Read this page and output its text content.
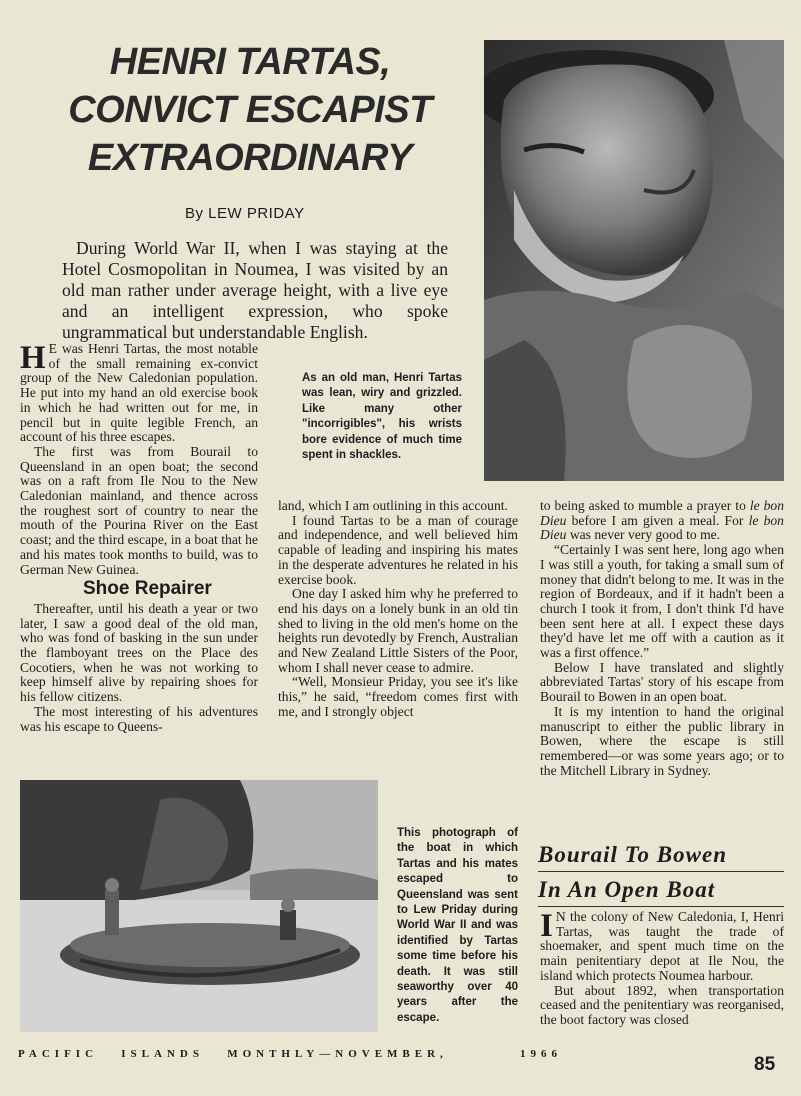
HENRI TARTAS,
CONVICT ESCAPIST
EXTRAORDINARY
By LEW PRIDAY
During World War II, when I was staying at the Hotel Cosmopolitan in Noumea, I was visited by an old man rather under average height, with a live eye and an intelligent expression, who spoke ungrammatical but understandable English.
As an old man, Henri Tartas was lean, wiry and grizzled. Like many other "incorrigibles", his wrists bore evidence of much time spent in shackles.

H E was Henri Tartas, the most notable of the small remaining ex-convict group of the New Caledonian population. He put into my hand an old exercise book in which he had written out for me, in pencil but in quite legible French, an account of his three escapes.

The first was from Bourail to Queensland in an open boat; the second was on a raft from Ile Nou to the New Caledonian mainland, and thence across the roughest sort of country to near the mouth of the Pourina River on the East coast; and the third escape, in a boat that he and his mates took months to build, was to German New Guinea.

Shoe Repairer

Thereafter, until his death a year or two later, I saw a good deal of the old man, who was fond of basking in the sun under the flamboyant trees on the Place des Cocotiers, when he was not working to keep himself alive by repairing shoes for his fellow citizens.

The most interesting of his adventures was his escape to Queens-

land, which I am outlining in this account.

I found Tartas to be a man of courage and independence, and well believed him capable of leading and inspiring his mates in the desperate adventures he related in his exercise book.

One day I asked him why he preferred to end his days on a lonely bunk in an old tin shed to living in the old men's home on the heights run devotedly by French, Australian and New Zealand Little Sisters of the Poor, whom I shall never cease to admire.

“Well, Monsieur Priday, you see it's like this,” he said, “freedom comes first with me, and I strongly object

to being asked to mumble a prayer to le bon Dieu before I am given a meal. For le bon Dieu was never very good to me.

“Certainly I was sent here, long ago when I was still a youth, for taking a small sum of money that didn't belong to me. It was in the region of Bordeaux, and if it hadn't been a church I took it from, I don't think I'd have been sent here at all. I expect these days they'd have let me off with a caution as it was a first offence.”

Below I have translated and slightly abbreviated Tartas' story of his escape from Bourail to Bowen in an open boat.

It is my intention to hand the original manuscript to either the public library in Bowen, where the escape is still remembered—or was some years ago; or to the Mitchell Library in Sydney.

Bourail To Bowen
In An Open Boat

I N the colony of New Caledonia, I, Henri Tartas, was taught the trade of shoemaker, and spent much time on the main penitentiary depot at Ile Nou, the island which protects Noumea harbour.

But about 1892, when transportation ceased and the penitentiary was reorganised, the boot factory was closed

This photograph of the boat in which Tartas and his mates escaped to Queensland was sent to Lew Priday during World War II and was identified by Tartas some time before his death. It was still seaworthy over 40 years after the escape.
PACIFIC   ISLANDS   MONTHLY—NOVEMBER,	1966	85
